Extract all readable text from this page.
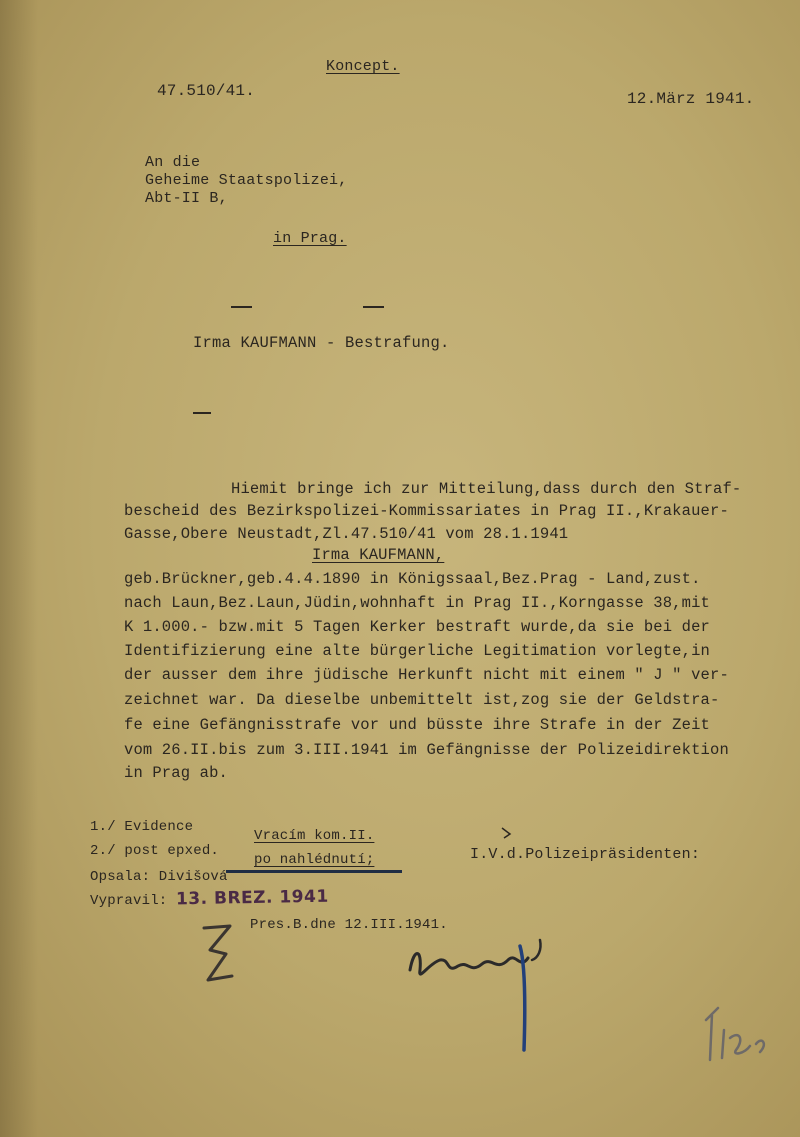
Koncept.
47.510/41.	12.März 1941.
An die
Geheime Staatspolizei,
Abt-II B,
in Prag.
Irma KAUFMANN - Bestrafung.
Hiemit bringe ich zur Mitteilung,dass durch den Straf-
bescheid des Bezirkspolizei-Kommissariates in Prag II.,Krakauer-
Gasse,Obere Neustadt,Zl.47.510/41 vom 28.1.1941
Irma KAUFMANN,
geb.Brückner,geb.4.4.1890 in Königssaal,Bez.Prag - Land,zust.
nach Laun,Bez.Laun,Jüdin,wohnhaft in Prag II.,Korngasse 38,mit
K 1.000.- bzw.mit 5 Tagen Kerker bestraft wurde,da sie bei der
Identifizierung eine alte bürgerliche Legitimation vorlegte,in
der ausser dem ihre jüdische Herkunft nicht mit einem " J " ver-
zeichnet war. Da dieselbe unbemittelt ist,zog sie der Geldstra-
fe eine Gefängnisstrafe vor und büsste ihre Strafe in der Zeit
vom 26.II.bis zum 3.III.1941 im Gefängnisse der Polizeidirektion
in Prag ab.
1./ Evidence
2./ post epxed.
Vracím kom.II.
po nahlédnutí;	I.V.d.Polizeipräsidenten:
Opsala: Divišová
Vypravil: 13. BREZ. 1941
Pres.B.dne 12.III.1941.
